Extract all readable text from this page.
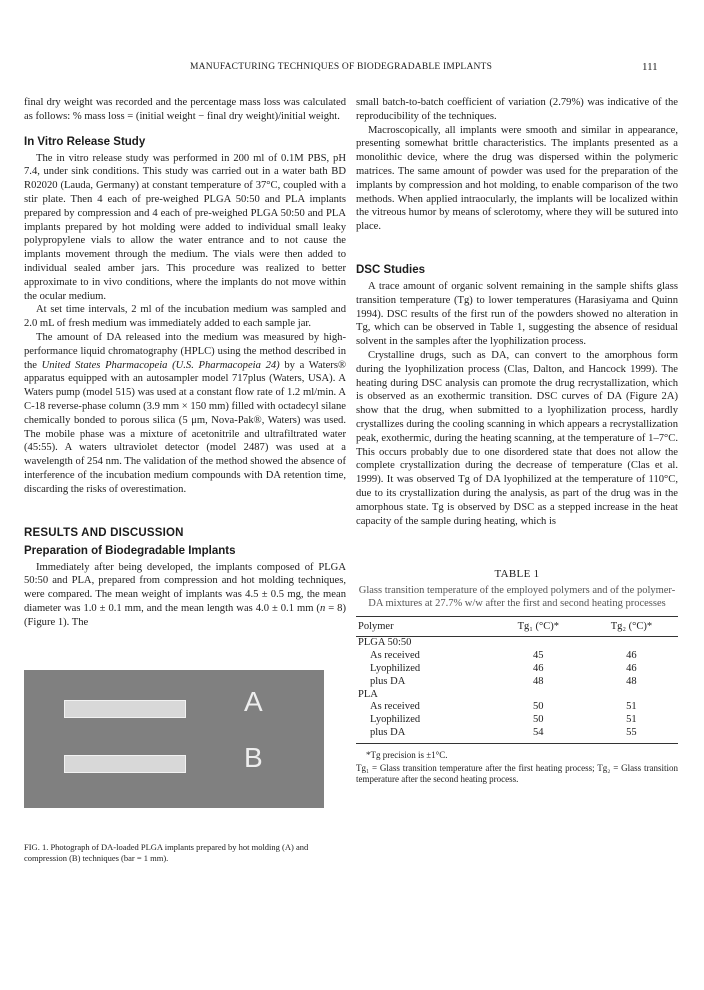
MANUFACTURING TECHNIQUES OF BIODEGRADABLE IMPLANTS	111

final dry weight was recorded and the percentage mass loss was calculated as follows: % mass loss = (initial weight − final dry weight)/initial weight.

In Vitro Release Study

The in vitro release study was performed in 200 ml of 0.1M PBS, pH 7.4, under sink conditions. This study was carried out in a water bath BD R02020 (Lauda, Germany) at constant temperature of 37°C, coupled with a stir plate. Then 4 each of pre-weighed PLGA 50:50 and PLA implants prepared by compression and 4 each of pre-weighed PLGA 50:50 and PLA implants prepared by hot molding were added to individual small leaky polypropylene vials to allow the water entrance and to not cause the implants movement through the medium. The vials were then added to individual sealed amber jars. This procedure was realized to better approximate to in vivo conditions, where the implants do not move within the ocular medium.

At set time intervals, 2 ml of the incubation medium was sampled and 2.0 mL of fresh medium was immediately added to each sample jar.

The amount of DA released into the medium was measured by high-performance liquid chromatography (HPLC) using the method described in the United States Pharmacopeia (U.S. Pharmacopeia 24) by a Waters® apparatus equipped with an autosampler model 717plus (Waters, USA). A Waters pump (model 515) was used at a constant flow rate of 1.2 ml/min. A C-18 reverse-phase column (3.9 mm × 150 mm) filled with octadecyl silane chemically bonded to porous silica (5 μm, Nova-Pak®, Waters) was used. The mobile phase was a mixture of acetonitrile and ultrafiltrated water (45:55). A waters ultraviolet detector (model 2487) was used at a wavelength of 254 nm. The validation of the method showed the absence of interference of the incubation medium compounds with DA retention time, discarding the risks of overestimation.

RESULTS AND DISCUSSION
Preparation of Biodegradable Implants

Immediately after being developed, the implants composed of PLGA 50:50 and PLA, prepared from compression and hot molding techniques, were compared. The mean weight of implants was 4.5 ± 0.5 mg, the mean diameter was 1.0 ± 0.1 mm, and the mean length was 4.0 ± 0.1 mm (n = 8) (Figure 1). The

A
B

FIG. 1. Photograph of DA-loaded PLGA implants prepared by hot molding (A) and compression (B) techniques (bar = 1 mm).

small batch-to-batch coefficient of variation (2.79%) was indicative of the reproducibility of the techniques.

Macroscopically, all implants were smooth and similar in appearance, presenting somewhat brittle characteristics. The implants presented as a monolithic device, where the drug was dispersed within the polymeric matrices. The same amount of powder was used for the preparation of the implants by compression and hot molding, to enable comparison of the two methods. When applied intraocularly, the implants will be localized within the vitreous humor by means of sclerotomy, where they will be sutured into place.

DSC Studies

A trace amount of organic solvent remaining in the sample shifts glass transition temperature (Tg) to lower temperatures (Harasiyama and Quinn 1994). DSC results of the first run of the powders showed no alteration in Tg, which can be observed in Table 1, suggesting the absence of residual solvent in the samples after the lyophilization process.

Crystalline drugs, such as DA, can convert to the amorphous form during the lyophilization process (Clas, Dalton, and Hancock 1999). The heating during DSC analysis can promote the drug recrystallization, which is observed as an exothermic transition. DSC curves of DA (Figure 2A) show that the drug, when submitted to a lyophilization process, hardly crystallizes during the cooling scanning in which appears a recrystallization peak, exothermic, during the heating scanning, at the temperature of 1–7°C. This occurs probably due to one disordered state that does not allow the complete crystallization during the decrease of temperature (Clas et al. 1999). It was observed Tg of DA lyophilized at the temperature of 110°C, due to its crystallization during the analysis, as part of the drug was in the amorphous state. Tg is observed by DSC as a stepped increase in the heat capacity of the sample during heating, which is

TABLE 1
Glass transition temperature of the employed polymers and of the polymer-DA mixtures at 27.7% w/w after the first and second heating processes
Polymer	Tg₁ (°C)*	Tg₂ (°C)*
PLGA 50:50		
As received	45	46
Lyophilized	46	46
plus DA	48	48
PLA		
As received	50	51
Lyophilized	50	51
plus DA	54	55

*Tg precision is ±1°C.

Tg₁ = Glass transition temperature after the first heating process; Tg₂ = Glass transition temperature after the second heating process.
